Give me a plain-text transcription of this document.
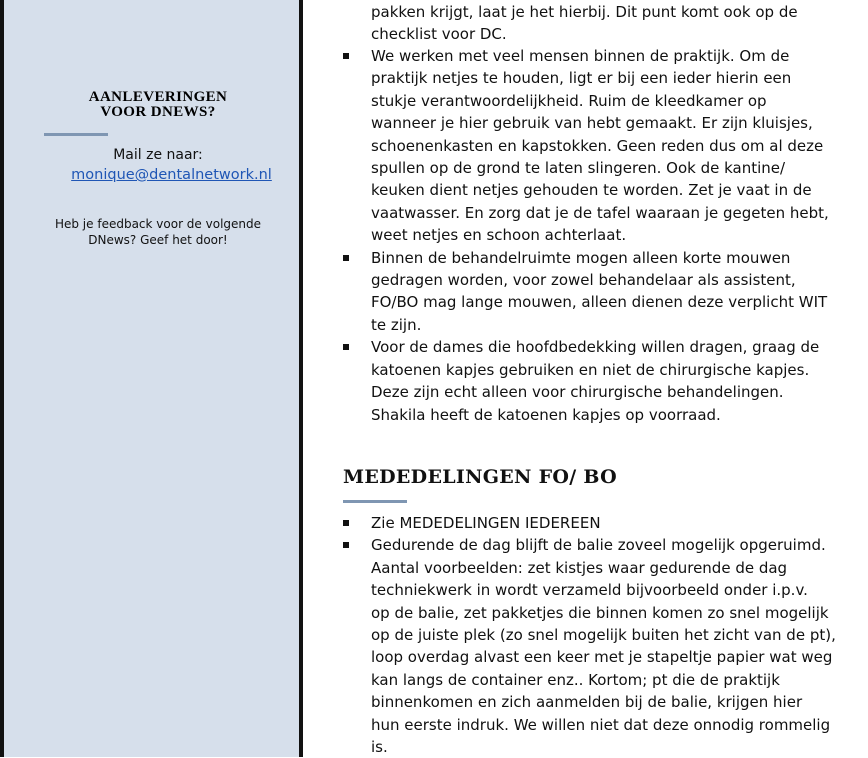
AANLEVERINGEN
VOOR DNEWS?
Mail ze naar:
monique@dentalnetwork.nl
Heb je feedback voor de volgende
DNews? Geef het door!
pakken krijgt, laat je het hierbij. Dit punt komt ook op de
checklist voor DC.
We werken met veel mensen binnen de praktijk. Om de
praktijk netjes te houden, ligt er bij een ieder hierin een
stukje verantwoordelijkheid. Ruim de kleedkamer op
wanneer je hier gebruik van hebt gemaakt. Er zijn kluisjes,
schoenenkasten en kapstokken. Geen reden dus om al deze
spullen op de grond te laten slingeren. Ook de kantine/
keuken dient netjes gehouden te worden. Zet je vaat in de
vaatwasser. En zorg dat je de tafel waaraan je gegeten hebt,
weet netjes en schoon achterlaat.
Binnen de behandelruimte mogen alleen korte mouwen
gedragen worden, voor zowel behandelaar als assistent,
FO/BO mag lange mouwen, alleen dienen deze verplicht WIT
te zijn.
Voor de dames die hoofdbedekking willen dragen, graag de
katoenen kapjes gebruiken en niet de chirurgische kapjes.
Deze zijn echt alleen voor chirurgische behandelingen.
Shakila heeft de katoenen kapjes op voorraad.
MEDEDELINGEN FO/ BO
Zie MEDEDELINGEN IEDEREEN
Gedurende de dag blijft de balie zoveel mogelijk opgeruimd.
Aantal voorbeelden: zet kistjes waar gedurende de dag
techniekwerk in wordt verzameld bijvoorbeeld onder i.p.v.
op de balie, zet pakketjes die binnen komen zo snel mogelijk
op de juiste plek (zo snel mogelijk buiten het zicht van de pt),
loop overdag alvast een keer met je stapeltje papier wat weg
kan langs de container enz.. Kortom; pt die de praktijk
binnenkomen en zich aanmelden bij de balie, krijgen hier
hun eerste indruk. We willen niet dat deze onnodig rommelig
is.
